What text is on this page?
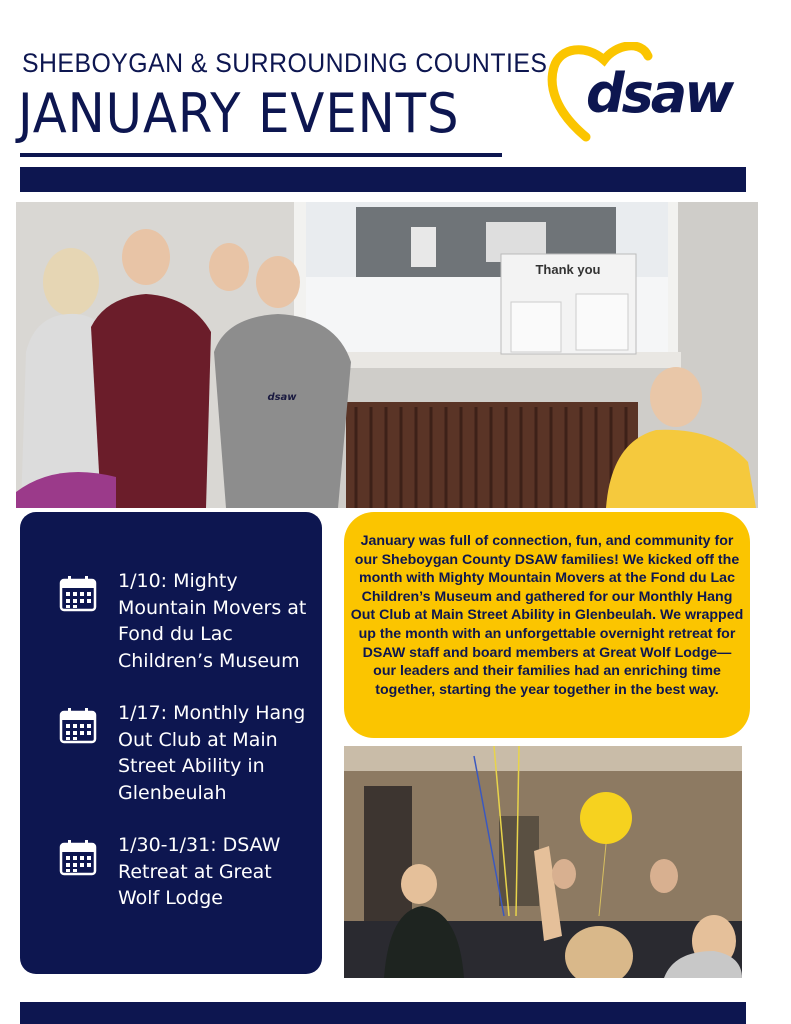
SHEBOYGAN & SURROUNDING COUNTIES
JANUARY EVENTS dsaw
Thank you
dsaw
1/10: Mighty Mountain Movers at Fond du Lac Children’s Museum
1/17: Monthly Hang Out Club at Main Street Ability in Glenbeulah
1/30-1/31: DSAW Retreat at Great Wolf Lodge
January was full of connection, fun, and community for our Sheboygan County DSAW families! We kicked off the month with Mighty Mountain Movers at the Fond du Lac Children’s Museum and gathered for our Monthly Hang Out Club at Main Street Ability in Glenbeulah. We wrapped up the month with an unforgettable overnight retreat for DSAW staff and board members at Great Wolf Lodge— our leaders and their families had an enriching time together, starting the year together in the best way.
